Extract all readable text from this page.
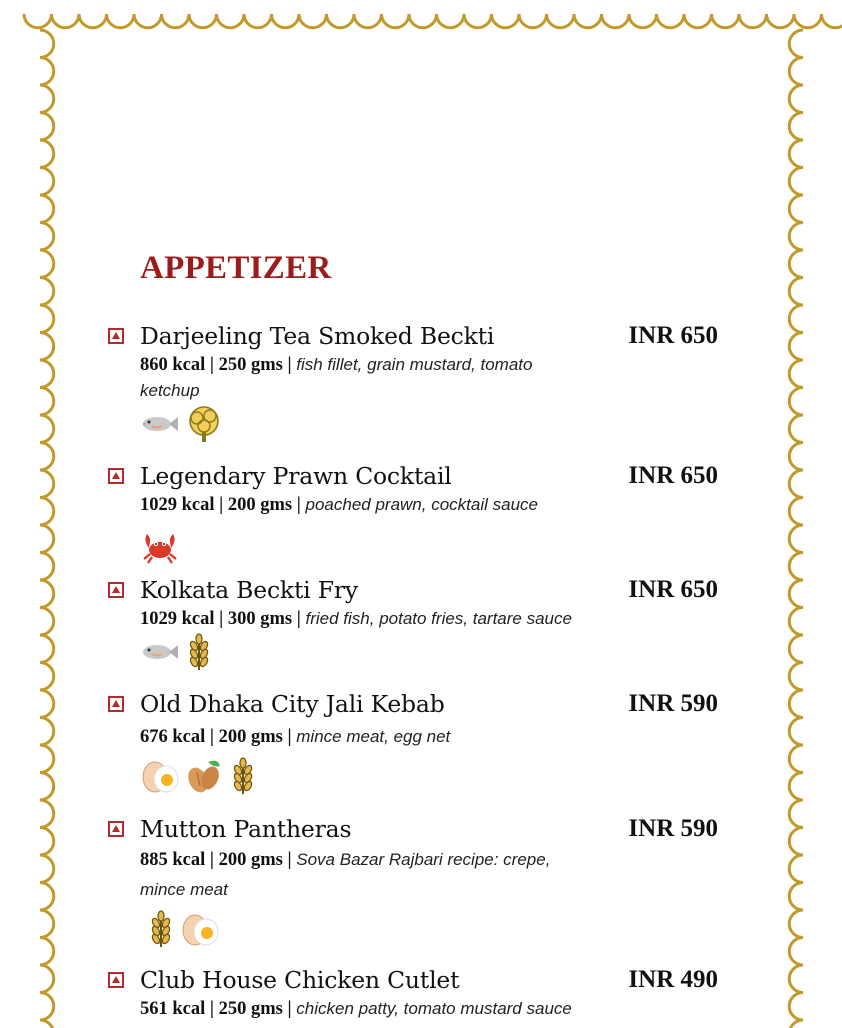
APPETIZER
Darjeeling Tea Smoked Beckti	INR 650
860 kcal | 250 gms | fish fillet, grain mustard, tomato ketchup
Legendary Prawn Cocktail	INR 650
1029 kcal | 200 gms | poached prawn, cocktail sauce
Kolkata Beckti Fry	INR 650
1029 kcal | 300 gms | fried fish, potato fries, tartare sauce
Old Dhaka City Jali Kebab	INR 590
676 kcal | 200 gms | mince meat, egg net
Mutton Pantheras	INR 590
885 kcal | 200 gms | Sova Bazar Rajbari recipe: crepe, mince meat
Club House Chicken Cutlet	INR 490
561 kcal | 250 gms | chicken patty, tomato mustard sauce
